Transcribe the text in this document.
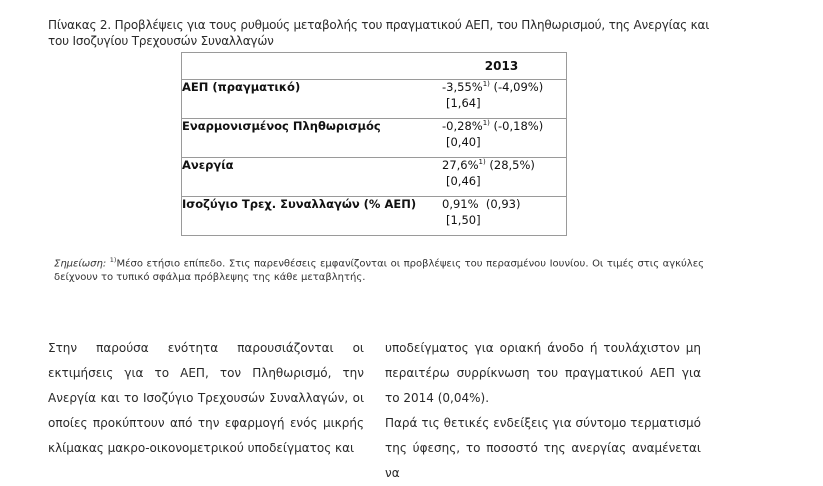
Πίνακας 2. Προβλέψεις για τους ρυθμούς μεταβολής του πραγματικού ΑΕΠ, του Πληθωρισμού, της Ανεργίας και του Ισοζυγίου Τρεχουσών Συναλλαγών
	2013
ΑΕΠ (πραγματικό)	-3,55%$^{1)}$ (-4,09%)
[1,64]

Εναρμονισμένος Πληθωρισμός	-0,28%$^{1)}$ (-0,18%)
[0,40]

Ανεργία	27,6%$^{1)}$ (28,5%)
[0,46]

Ισοζύγιο Τρεχ. Συναλλαγών (% ΑΕΠ)	0,91% (0,93)
[1,50]
Σημείωση: $^{1)}$Μέσο ετήσιο επίπεδο. Στις παρενθέσεις εμφανίζονται οι προβλέψεις του περασμένου Ιουνίου. Οι τιμές στις αγκύλες δείχνουν το τυπικό σφάλμα πρόβλεψης της κάθε μεταβλητής.

Στην παρούσα ενότητα παρουσιάζονται οι εκτιμήσεις για το ΑΕΠ, τον Πληθωρισμό, την Ανεργία και το Ισοζύγιο Τρεχουσών Συναλλαγών, οι οποίες προκύπτουν από την εφαρμογή ενός μικρής κλίμακας μακρο-οικονομετρικού υποδείγματος και

υποδείγματος για οριακή άνοδο ή τουλάχιστον μη περαιτέρω συρρίκνωση του πραγματικού ΑΕΠ για το 2014 (0,04%).

Παρά τις θετικές ενδείξεις για σύντομο τερματισμό της ύφεσης, το ποσοστό της ανεργίας αναμένεται να
